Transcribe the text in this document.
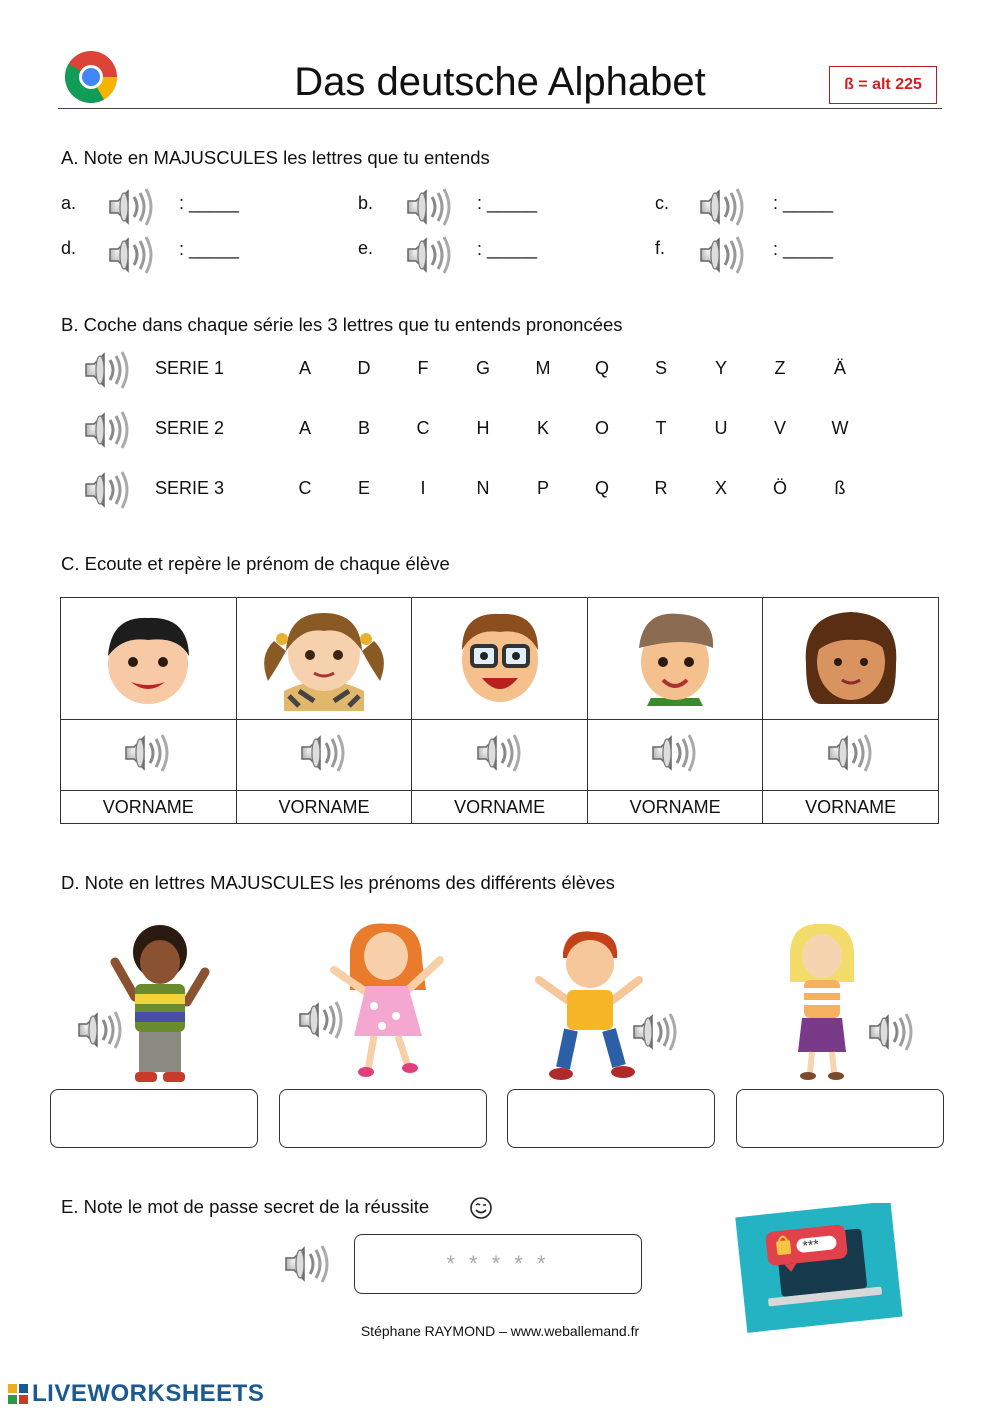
Das deutsche Alphabet	ß = alt 225
A. Note en MAJUSCULES les lettres que tu entends
a.	: _____	b.	: _____	c.	: _____
d.	: _____	e.	: _____	f.	: _____
B. Coche dans chaque série les 3 lettres que tu entends prononcées
SERIE 1	A	D	F	G	M	Q	S	Y	Z	Ä
SERIE 2	A	B	C	H	K	O	T	U	V	W
SERIE 3	C	E	I	N	P	Q	R	X	Ö	ß
C. Ecoute et repère le prénom de chaque élève

VORNAME	VORNAME	VORNAME	VORNAME	VORNAME
D. Note en lettres MAJUSCULES les prénoms des différents élèves
E. Note le mot de passe secret de la réussite
* * * * *
***
Stéphane RAYMOND – www.weballemand.fr
LIVEWORKSHEETS
